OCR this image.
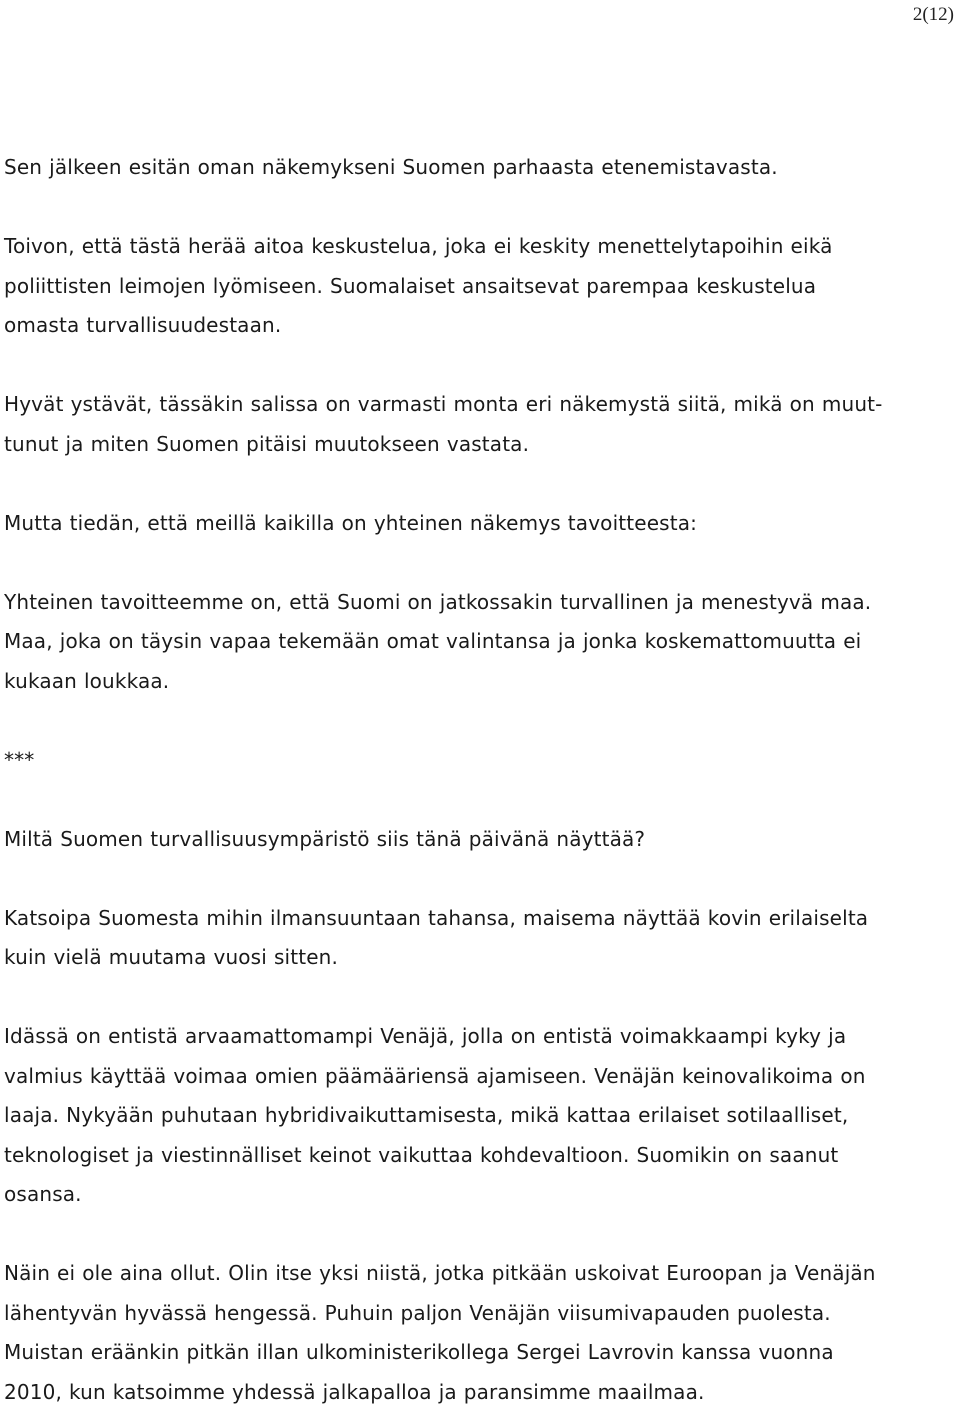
2(12)

Sen jälkeen esitän oman näkemykseni Suomen parhaasta etenemistavasta.

Toivon, että tästä herää aitoa keskustelua, joka ei keskity menettelytapoihin eikä
poliittisten leimojen lyömiseen. Suomalaiset ansaitsevat parempaa keskustelua
omasta turvallisuudestaan.

Hyvät ystävät, tässäkin salissa on varmasti monta eri näkemystä siitä, mikä on muut-
tunut ja miten Suomen pitäisi muutokseen vastata.

Mutta tiedän, että meillä kaikilla on yhteinen näkemys tavoitteesta:

Yhteinen tavoitteemme on, että Suomi on jatkossakin turvallinen ja menestyvä maa.
Maa, joka on täysin vapaa tekemään omat valintansa ja jonka koskemattomuutta ei
kukaan loukkaa.

***

Miltä Suomen turvallisuusympäristö siis tänä päivänä näyttää?

Katsoipa Suomesta mihin ilmansuuntaan tahansa, maisema näyttää kovin erilaiselta
kuin vielä muutama vuosi sitten.

Idässä on entistä arvaamattomampi Venäjä, jolla on entistä voimakkaampi kyky ja
valmius käyttää voimaa omien päämääriensä ajamiseen. Venäjän keinovalikoima on
laaja. Nykyään puhutaan hybridivaikuttamisesta, mikä kattaa erilaiset sotilaalliset,
teknologiset ja viestinnälliset keinot vaikuttaa kohdevaltioon. Suomikin on saanut
osansa.

Näin ei ole aina ollut. Olin itse yksi niistä, jotka pitkään uskoivat Euroopan ja Venäjän
lähentyvän hyvässä hengessä. Puhuin paljon Venäjän viisumivapauden puolesta.
Muistan eräänkin pitkän illan ulkoministerikollega Sergei Lavrovin kanssa vuonna
2010, kun katsoimme yhdessä jalkapalloa ja paransimme maailmaa.
